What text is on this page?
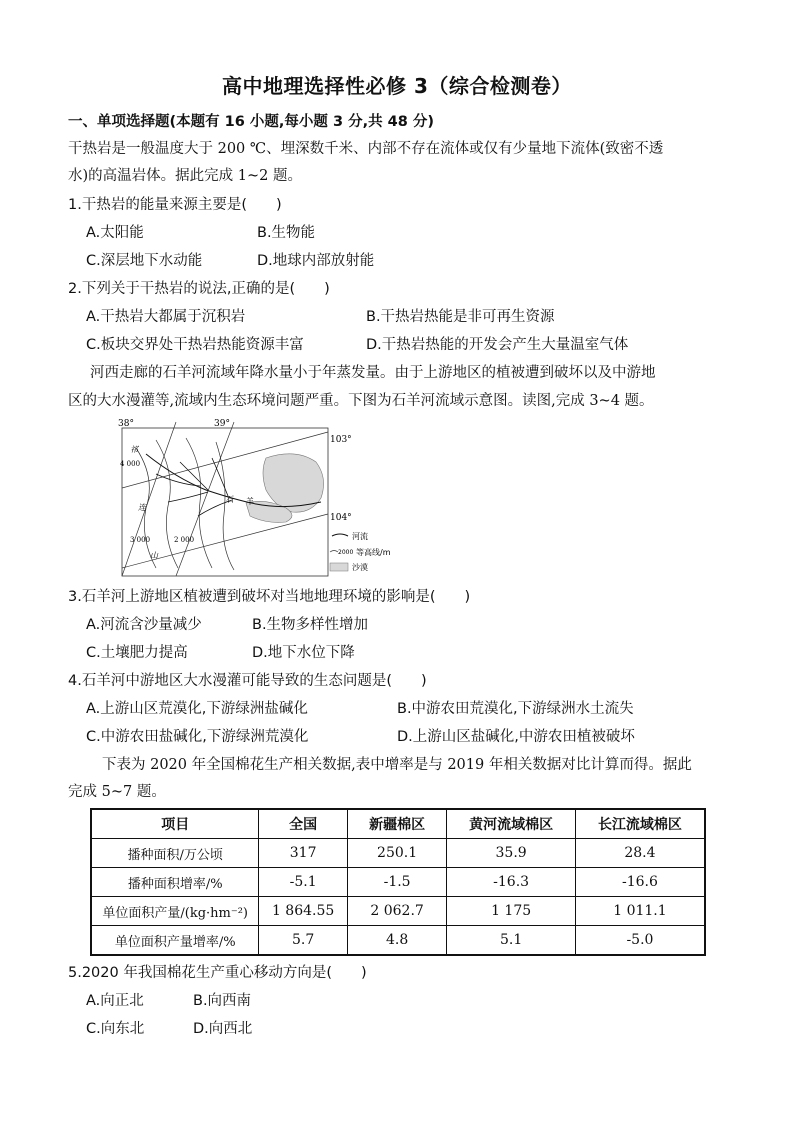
高中地理选择性必修 3（综合检测卷）
一、单项选择题(本题有 16 小题,每小题 3 分,共 48 分)
干热岩是一般温度大于 200 ℃、埋深数千米、内部不存在流体或仅有少量地下流体(致密不透
水)的高温岩体。据此完成 1~2 题。
1.干热岩的能量来源主要是(　　)
A.太阳能	B.生物能
C.深层地下水动能	D.地球内部放射能
2.下列关于干热岩的说法,正确的是(　　)
A.干热岩大都属于沉积岩	B.干热岩热能是非可再生资源
C.板块交界处干热岩热能资源丰富	D.干热岩热能的开发会产生大量温室气体
河西走廊的石羊河流域年降水量小于年蒸发量。由于上游地区的植被遭到破坏以及中游地
区的大水漫灌等,流域内生态环境问题严重。下图为石羊河流域示意图。读图,完成 3~4 题。
38°	39°
103°
104°
祁
4 000
连
3 000	2 000
山
石 羊
河流
2000 等高线/m
沙漠
3.石羊河上游地区植被遭到破坏对当地地理环境的影响是(　　)
A.河流含沙量减少	B.生物多样性增加
C.土壤肥力提高	D.地下水位下降
4.石羊河中游地区大水漫灌可能导致的生态问题是(　　)
A.上游山区荒漠化,下游绿洲盐碱化	B.中游农田荒漠化,下游绿洲水土流失
C.中游农田盐碱化,下游绿洲荒漠化	D.上游山区盐碱化,中游农田植被破坏
下表为 2020 年全国棉花生产相关数据,表中增率是与 2019 年相关数据对比计算而得。据此
完成 5~7 题。
项目	全国	新疆棉区	黄河流域棉区	长江流域棉区
播种面积/万公顷	317	250.1	35.9	28.4
播种面积增率/%	-5.1	-1.5	-16.3	-16.6
单位面积产量/(kg·hm⁻²)	1 864.55	2 062.7	1 175	1 011.1
单位面积产量增率/%	5.7	4.8	5.1	-5.0
5.2020 年我国棉花生产重心移动方向是(　　)
A.向正北	B.向西南
C.向东北	D.向西北
